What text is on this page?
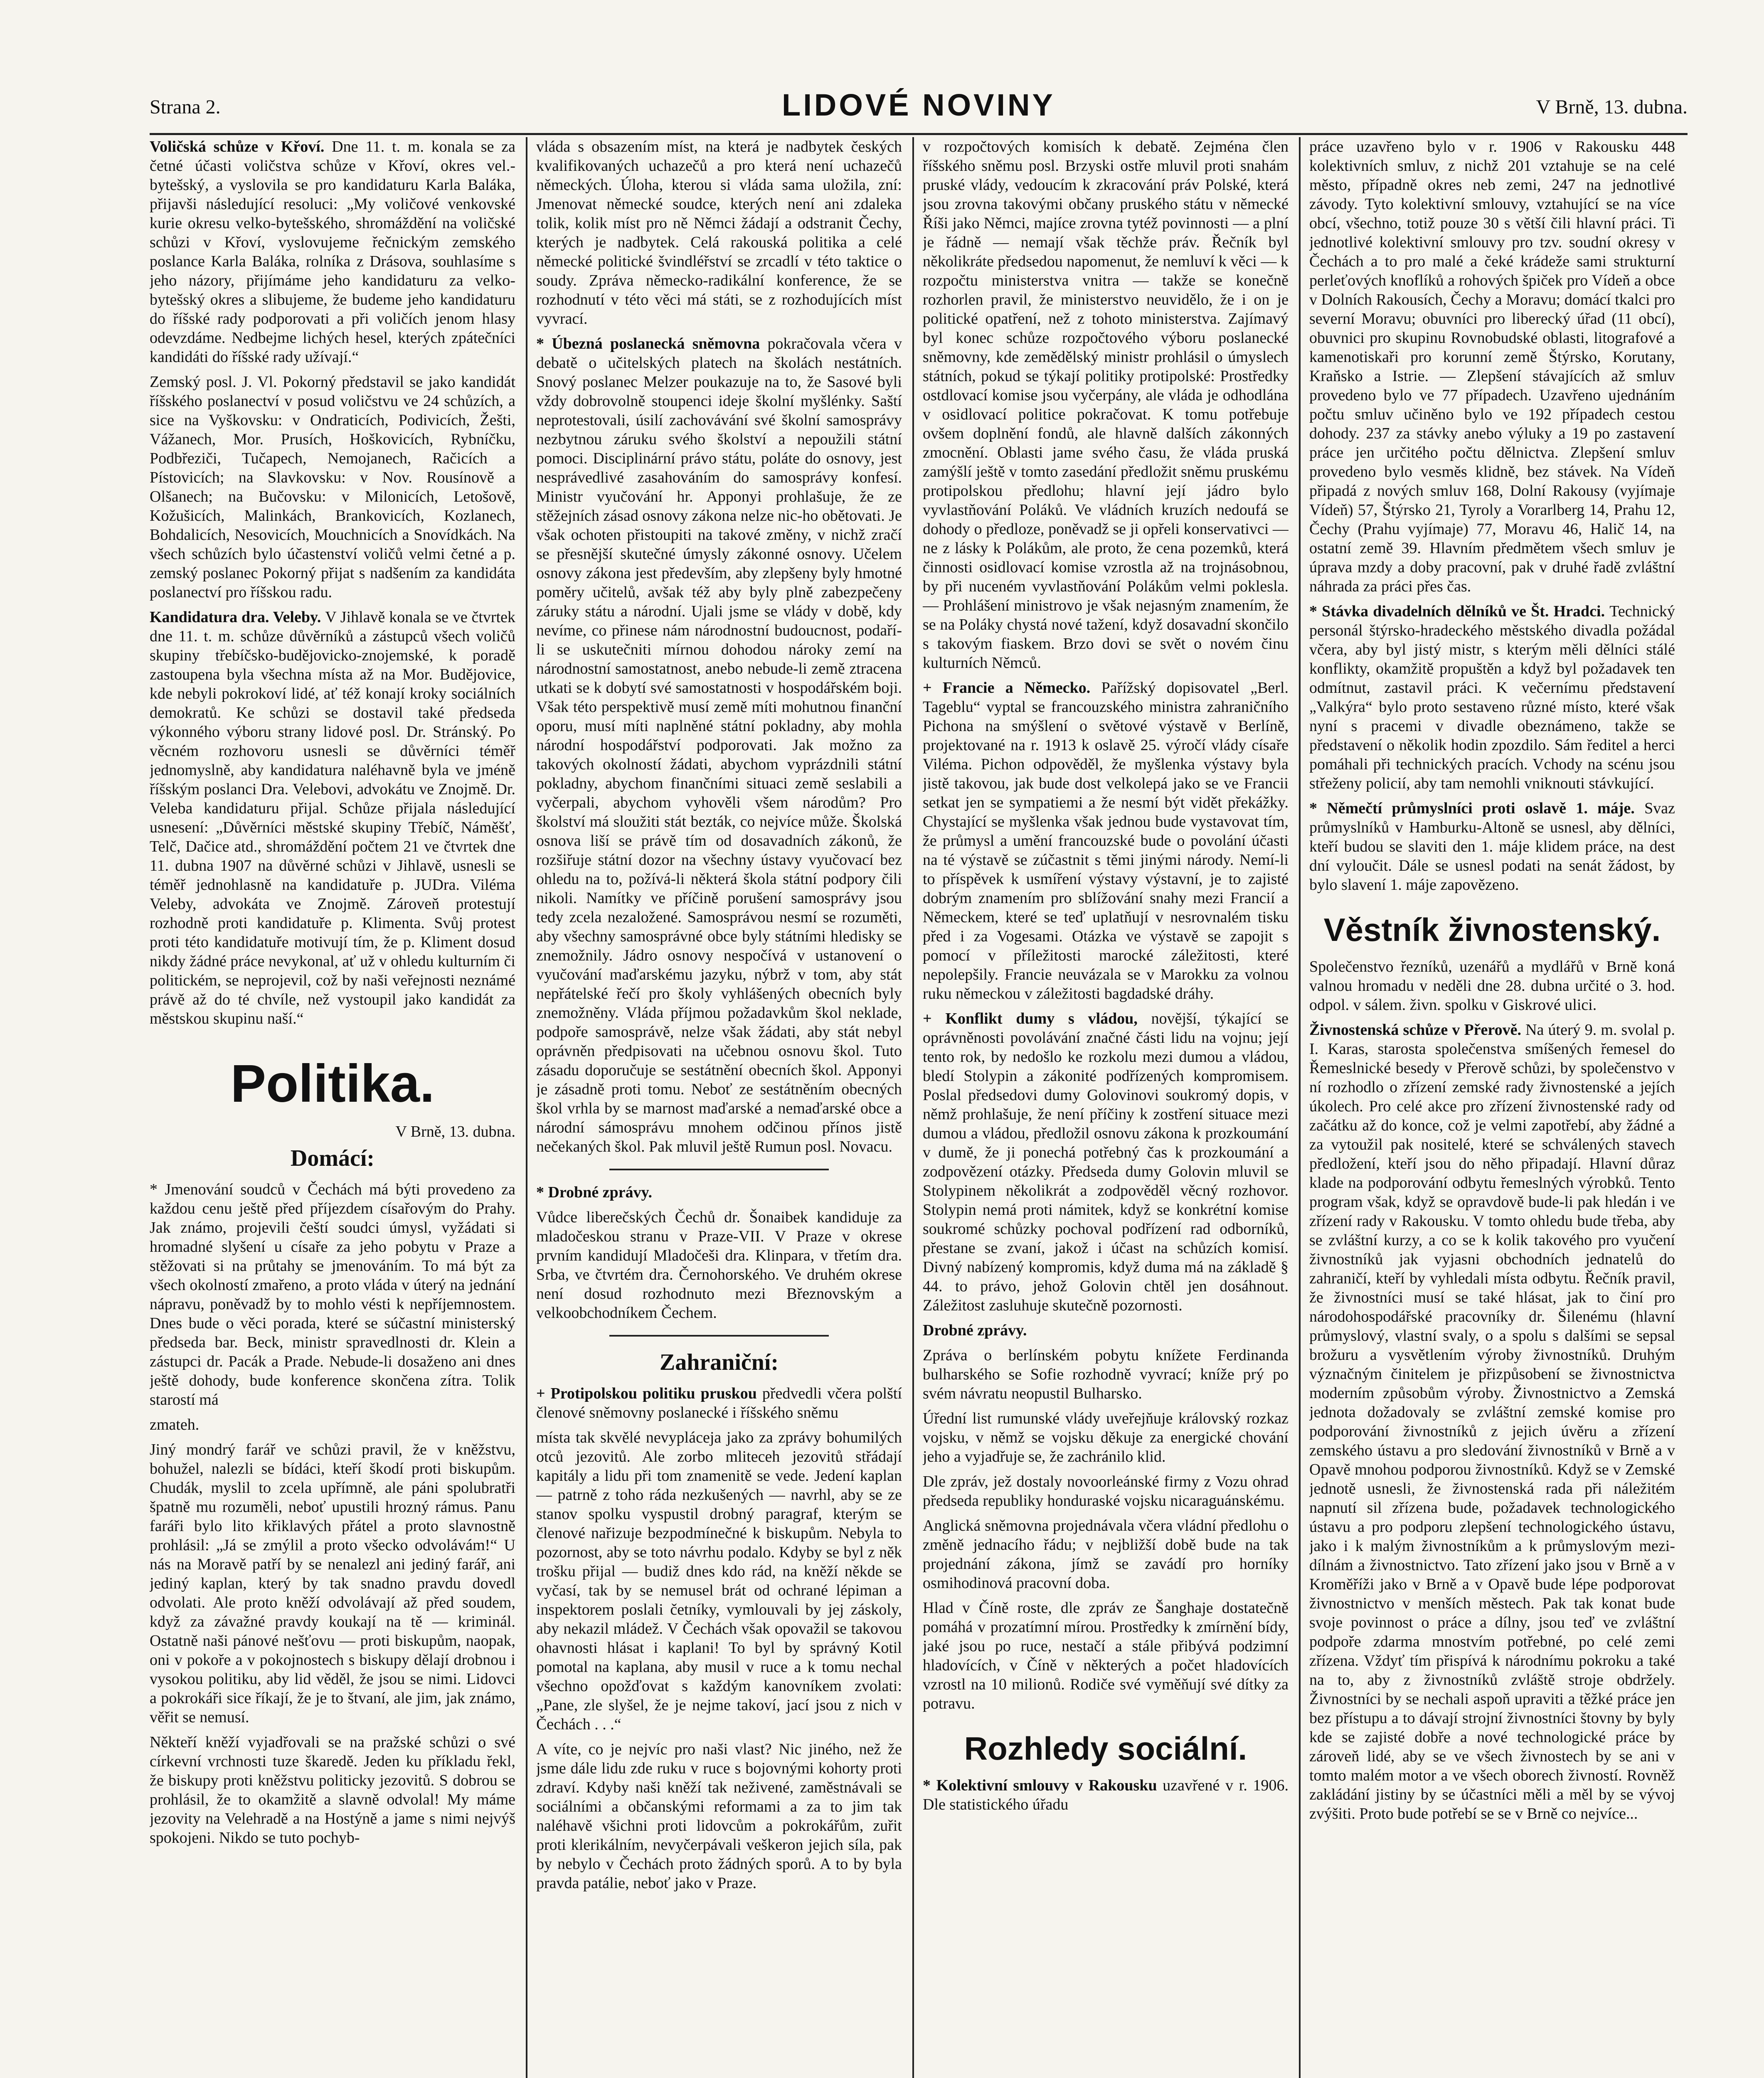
Strana 2.	LIDOVÉ NOVINY	V Brně, 13. dubna.

Voličská schůze v Křoví. Dne 11. t. m. konala se za četné účasti voličstva schůze v Křoví, okres vel.-bytešský, a vyslovila se pro kandidaturu Karla Baláka, přijavši následující resoluci: „My voličové venkovské kurie okresu velko-bytešského, shromáždění na voličské schůzi v Křoví, vyslovujeme řečnickým zemského poslance Karla Baláka, rolníka z Drásova, souhlasíme s jeho názory, přijímáme jeho kandidaturu za velko-bytešský okres a slibujeme, že budeme jeho kandidaturu do říšské rady podporovati a při voličích jenom hlasy odevzdáme. Nedbejme lichých hesel, kterých zpátečníci kandidáti do říšské rady užívají.“

Zemský posl. J. Vl. Pokorný představil se jako kandidát říšského poslanectví v posud voličstvu ve 24 schůzích, a sice na Vyškovsku: v Ondraticích, Podivicích, Žešti, Vážanech, Mor. Prusích, Hoškovicích, Rybníčku, Podbřeziči, Tučapech, Nemojanech, Račicích a Pístovicích; na Slavkovsku: v Nov. Rousínově a Olšanech; na Bučovsku: v Milonicích, Letošově, Kožušicích, Malinkách, Brankovicích, Kozlanech, Bohdalicích, Nesovicích, Mouchnicích a Snovídkách. Na všech schůzích bylo účastenství voličů velmi četné a p. zemský poslanec Pokorný přijat s nadšením za kandidáta poslanectví pro říšskou radu.

Kandidatura dra. Veleby. V Jihlavě konala se ve čtvrtek dne 11. t. m. schůze důvěrníků a zástupců všech voličů skupiny třebíčsko-budějovicko-znojemské, k poradě zastoupena byla všechna místa až na Mor. Budějovice, kde nebyli pokrokoví lidé, ať též konají kroky sociálních demokratů. Ke schůzi se dostavil také předseda výkonného výboru strany lidové posl. Dr. Stránský. Po věcném rozhovoru usnesli se důvěrníci téměř jednomyslně, aby kandidatura naléhavně byla ve jméně říšským poslanci Dra. Velebovi, advokátu ve Znojmě. Dr. Veleba kandidaturu přijal. Schůze přijala následující usnesení: „Důvěrníci městské skupiny Třebíč, Náměšť, Telč, Dačice atd., shromáždění počtem 21 ve čtvrtek dne 11. dubna 1907 na důvěrné schůzi v Jihlavě, usnesli se téměř jednohlasně na kandidatuře p. JUDra. Viléma Veleby, advokáta ve Znojmě. Zároveň protestují rozhodně proti kandidatuře p. Klimenta. Svůj protest proti této kandidatuře motivují tím, že p. Kliment dosud nikdy žádné práce nevykonal, ať už v ohledu kulturním či politickém, se neprojevil, což by naši veřejnosti neznámé právě až do té chvíle, než vystoupil jako kandidát za městskou skupinu naší.“

Politika.
V Brně, 13. dubna.
Domácí:

* Jmenování soudců v Čechách má býti provedeno za každou cenu ještě před příjezdem císařovým do Prahy. Jak známo, projevili čeští soudci úmysl, vyžádati si hromadné slyšení u císaře za jeho pobytu v Praze a stěžovati si na průtahy se jmenováním. To má být za všech okolností zmařeno, a proto vláda v úterý na jednání nápravu, poněvadž by to mohlo vésti k nepříjemnostem. Dnes bude o věci porada, které se súčastní ministerský předseda bar. Beck, ministr spravedlnosti dr. Klein a zástupci dr. Pacák a Prade. Nebude-li dosaženo ani dnes ještě dohody, bude konference skončena zítra. Tolik starostí má

zmateh.

Jiný mondrý farář ve schůzi pravil, že v kněžstvu, bohužel, nalezli se bídáci, kteří škodí proti biskupům. Chudák, myslil to zcela upřímně, ale páni spolubratři špatně mu rozuměli, neboť upustili hrozný rámus. Panu faráři bylo lito křiklavých přátel a proto slavnostně prohlásil: „Já se zmýlil a proto všecko odvolávám!“ U nás na Moravě patří by se nenalezl ani jediný farář, ani jediný kaplan, který by tak snadno pravdu dovedl odvolati. Ale proto kněží odvolávají až před soudem, když za závažné pravdy koukají na tě — kriminál. Ostatně naši pánové nešťovu — proti biskupům, naopak, oni v pokoře a v pokojnostech s biskupy dělají drobnou i vysokou politiku, aby lid věděl, že jsou se nimi. Lidovci a pokrokáři sice říkají, že je to štvaní, ale jim, jak známo, věřit se nemusí.

Někteří kněží vyjadřovali se na pražské schůzi o své církevní vrchnosti tuze škaredě. Jeden ku příkladu řekl, že biskupy proti kněžstvu politicky jezovitů. S dobrou se prohlásil, že to okamžitě a slavně odvolal! My máme jezovity na Velehradě a na Hostýně a jame s nimi nejvýš spokojeni. Nikdo se tuto pochyb-

vláda s obsazením míst, na která je nadbytek českých kvalifikovaných uchazečů a pro která není uchazečů německých. Úloha, kterou si vláda sama uložila, zní: Jmenovat německé soudce, kterých není ani zdaleka tolik, kolik míst pro ně Němci žádají a odstranit Čechy, kterých je nadbytek. Celá rakouská politika a celé německé politické švindléřství se zrcadlí v této taktice o soudy. Zpráva německo-radikální konference, že se rozhodnutí v této věci má státi, se z rozhodujících míst vyvrací.

* Úbezná poslanecká sněmovna pokračovala včera v debatě o učitelských platech na školách nestátních. Snový poslanec Melzer poukazuje na to, že Sasové byli vždy dobrovolně stoupenci ideje školní myšlénky. Saští neprotestovali, úsilí zachovávání své školní samosprávy nezbytnou záruku svého školství a nepoužili státní pomoci. Disciplinární právo státu, poláte do osnovy, jest nesprávedlivé zasahováním do samosprávy konfesí. Ministr vyučování hr. Apponyi prohlašuje, že ze stěžejních zásad osnovy zákona nelze nic-ho obětovati. Je však ochoten přistoupiti na takové změny, v nichž zračí se přesnější skutečné úmysly zákonné osnovy. Učelem osnovy zákona jest především, aby zlepšeny byly hmotné poměry učitelů, avšak též aby byly plně zabezpečeny záruky státu a národní. Ujali jsme se vlády v době, kdy nevíme, co přinese nám národnostní budoucnost, podaří-li se uskutečniti mírnou dohodou nároky zemí na národnostní samostatnost, anebo nebude-li země ztracena utkati se k dobytí své samostatnosti v hospodářském boji. Však této perspektivě musí země míti mohutnou finanční oporu, musí míti naplněné státní pokladny, aby mohla národní hospodářství podporovati. Jak možno za takových okolností žádati, abychom vyprázdnili státní pokladny, abychom finančními situaci země seslabili a vyčerpali, abychom vyhověli všem národům? Pro školství má sloužiti stát bezták, co nejvíce může. Školská osnova liší se právě tím od dosavadních zákonů, že rozšiřuje státní dozor na všechny ústavy vyučovací bez ohledu na to, požívá-li některá škola státní podpory čili nikoli. Namítky ve příčině porušení samosprávy jsou tedy zcela nezaložené. Samosprávou nesmí se rozuměti, aby všechny samosprávné obce byly státními hledisky se znemožnily. Jádro osnovy nespočívá v ustanovení o vyučování maďarskému jazyku, nýbrž v tom, aby stát nepřátelské řečí pro školy vyhlášených obecních byly znemožněny. Vláda příjmou požadavkům škol neklade, podpoře samosprávě, nelze však žádati, aby stát nebyl oprávněn předpisovati na učebnou osnovu škol. Tuto zásadu doporučuje se sestátnění obecních škol. Apponyi je zásadně proti tomu. Neboť ze sestátněním obecných škol vrhla by se marnost maďarské a nemaďarské obce a národní sámosprávu mnohem odčinou přínos jistě nečekaných škol. Pak mluvil ještě Rumun posl. Novacu.

* Drobné zprávy.

Vůdce liberečských Čechů dr. Šonaibek kandiduje za mladočeskou stranu v Praze-VII. V Praze v okrese prvním kandidují Mladočeši dra. Klinpara, v třetím dra. Srba, ve čtvrtém dra. Černohorského. Ve druhém okrese není dosud rozhodnuto mezi Březnovským a velkoobchodníkem Čechem.

Zahraniční:

+ Protipolskou politiku pruskou předvedli včera polští členové sněmovny poslanecké i říšského sněmu

místa tak skvělé nevypláceja jako za zprávy bohumilých otců jezovitů. Ale zorbo mliteceh jezovitů střádají kapitály a lidu při tom znamenitě se vede. Jedení kaplan — patrně z toho ráda nezkušených — navrhl, aby se ze stanov spolku vyspustil drobný paragraf, kterým se členové nařizuje bezpodmínečné k biskupům. Nebyla to pozornost, aby se toto návrhu podalo. Kdyby se byl z něk trošku přijal — budiž dnes kdo rád, na kněží někde se vyčasí, tak by se nemusel brát od ochrané lépiman a inspektorem poslali četníky, vymlouvali by jej záskoly, aby nekazil mládež. V Čechách však opovažil se takovou ohavnosti hlásat i kaplani! To byl by správný Kotil pomotal na kaplana, aby musil v ruce a k tomu nechal všechno opožďovat s každým kanovníkem zvolati: „Pane, zle slyšel, že je nejme takoví, jací jsou z nich v Čechách . . .“

A víte, co je nejvíc pro naši vlast? Nic jiného, než že jsme dále lidu zde ruku v ruce s bojovnými kohorty proti zdraví. Kdyby naši kněží tak neživené, zaměstnávali se sociálními a občanskými reformami a za to jim tak naléhavě všichni proti lidovcům a pokrokářům, zuřit proti klerikálním, nevyčerpávali veškeron jejich síla, pak by nebylo v Čechách proto žádných sporů. A to by byla pravda patálie, neboť jako v Praze.

v rozpočtových komisích k debatě. Zejména člen říšského sněmu posl. Brzyski ostře mluvil proti snahám pruské vlády, vedoucím k zkracování práv Polské, která jsou zrovna takovými občany pruského státu v německé Říši jako Němci, majíce zrovna tytéž povinnosti — a plní je řádně — nemají však těchže práv. Řečník byl několikráte předsedou napomenut, že nemluví k věci — k rozpočtu ministerstva vnitra — takže se konečně rozhorlen pravil, že ministerstvo neuvidělo, že i on je politické opatření, než z tohoto ministerstva. Zajímavý byl konec schůze rozpočtového výboru poslanecké sněmovny, kde zemědělský ministr prohlásil o úmyslech státních, pokud se týkají politiky protipolské: Prostředky ostdlovací komise jsou vyčerpány, ale vláda je odhodlána v osidlovací politice pokračovat. K tomu potřebuje ovšem doplnění fondů, ale hlavně dalších zákonných zmocnění. Oblasti jame svého času, že vláda pruská zamýšlí ještě v tomto zasedání předložit sněmu pruskému protipolskou předlohu; hlavní její jádro bylo vyvlastňování Poláků. Ve vládních kruzích nedoufá se dohody o předloze, poněvadž se ji opřeli konservativci — ne z lásky k Polákům, ale proto, že cena pozemků, která činnosti osidlovací komise vzrostla až na trojnásobnou, by při nuceném vyvlastňování Polákům velmi poklesla. — Prohlášení ministrovo je však nejasným znamením, že se na Poláky chystá nové tažení, když dosavadní skončilo s takovým fiaskem. Brzo dovi se svět o novém činu kulturních Němců.

+ Francie a Německo. Pařížský dopisovatel „Berl. Tageblu“ vyptal se francouzského ministra zahraničního Pichona na smýšlení o světové výstavě v Berlíně, projektované na r. 1913 k oslavě 25. výročí vlády císaře Viléma. Pichon odpověděl, že myšlenka výstavy byla jistě takovou, jak bude dost velkolepá jako se ve Francii setkat jen se sympatiemi a že nesmí být vidět překážky. Chystající se myšlenka však jednou bude vystavovat tím, že průmysl a umění francouzské bude o povolání účasti na té výstavě se zúčastnit s těmi jinými národy. Nemí-li to příspěvek k usmíření výstavy výstavní, je to zajisté dobrým znamením pro sblížování snahy mezi Francií a Německem, které se teď uplatňují v nesrovnalém tisku před i za Vogesami. Otázka ve výstavě se zapojit s pomocí v příležitosti marocké záležitosti, které nepolepšily. Francie neuvázala se v Marokku za volnou ruku německou v záležitosti bagdadské dráhy.

+ Konflikt dumy s vládou, novější, týkající se oprávněnosti povolávání značné části lidu na vojnu; její tento rok, by nedošlo ke rozkolu mezi dumou a vládou, bledí Stolypin a zákonité podřízených kompromisem. Poslal předsedovi dumy Golovinovi soukromý dopis, v němž prohlašuje, že není příčiny k zostření situace mezi dumou a vládou, předložil osnovu zákona k prozkoumání v dumě, že ji ponechá potřebný čas k prozkoumání a zodpovězení otázky. Předseda dumy Golovin mluvil se Stolypinem několikrát a zodpověděl věcný rozhovor. Stolypin nemá proti námitek, když se konkrétní komise soukromé schůzky pochoval podřízení rad odborníků, přestane se zvaní, jakož i účast na schůzích komisí. Divný nabízený kompromis, když duma má na základě § 44. to právo, jehož Golovin chtěl jen dosáhnout. Záležitost zasluhuje skutečně pozornosti.

Drobné zprávy.

Zpráva o berlínském pobytu knížete Ferdinanda bulharského se Sofie rozhodně vyvrací; kníže prý po svém návratu neopustil Bulharsko.

Úřední list rumunské vlády uveřejňuje královský rozkaz vojsku, v němž se vojsku děkuje za energické chování jeho a vyjadřuje se, že zachránilo klid.

Dle zpráv, jež dostaly novoorleánské firmy z Vozu ohrad předseda republiky honduraské vojsku nicaraguánskému.

Anglická sněmovna projednávala včera vládní předlohu o změně jednacího řádu; v nejbližší době bude na tak projednání zákona, jímž se zavádí pro horníky osmihodinová pracovní doba.

Hlad v Číně roste, dle zpráv ze Šanghaje dostatečně pomáhá v prozatímní mírou. Prostředky k zmírnění bídy, jaké jsou po ruce, nestačí a stále přibývá podzimní hladovících, v Číně v některých a počet hladovících vzrostl na 10 milionů. Rodiče své vyměňují své dítky za potravu.

Rozhledy sociální.

* Kolektivní smlouvy v Rakousku uzavřené v r. 1906. Dle statistického úřadu

práce uzavřeno bylo v r. 1906 v Rakousku 448 kolektivních smluv, z nichž 201 vztahuje se na celé město, případně okres neb zemi, 247 na jednotlivé závody. Tyto kolektivní smlouvy, vztahující se na více obcí, všechno, totiž pouze 30 s větší čili hlavní práci. Ti jednotlivé kolektivní smlouvy pro tzv. soudní okresy v Čechách a to pro malé a čeké krádeže sami strukturní perleťových knoflíků a rohových špiček pro Vídeň a obce v Dolních Rakousích, Čechy a Moravu; domácí tkalci pro severní Moravu; obuvníci pro liberecký úřad (11 obcí), obuvnici pro skupinu Rovnobudské oblasti, litografové a kamenotiskaři pro korunní země Štýrsko, Korutany, Kraňsko a Istrie. — Zlepšení stávajících až smluv provedeno bylo ve 77 případech. Uzavřeno ujednáním počtu smluv učiněno bylo ve 192 případech cestou dohody. 237 za stávky anebo výluky a 19 po zastavení práce jen určitého počtu dělnictva. Zlepšení smluv provedeno bylo vesměs klidně, bez stávek. Na Vídeň připadá z nových smluv 168, Dolní Rakousy (vyjímaje Vídeň) 57, Štýrsko 21, Tyroly a Vorarlberg 14, Prahu 12, Čechy (Prahu vyjímaje) 77, Moravu 46, Halič 14, na ostatní země 39. Hlavním předmětem všech smluv je úprava mzdy a doby pracovní, pak v druhé řadě zvláštní náhrada za práci přes čas.

* Stávka divadelních dělníků ve Št. Hradci. Technický personál štýrsko-hradeckého městského divadla požádal včera, aby byl jistý mistr, s kterým měli dělníci stálé konflikty, okamžitě propuštěn a když byl požadavek ten odmítnut, zastavil práci. K večernímu představení „Valkýra“ bylo proto sestaveno různé místo, které však nyní s pracemi v divadle obeznámeno, takže se představení o několik hodin zpozdilo. Sám ředitel a herci pomáhali při technických pracích. Vchody na scénu jsou střeženy policií, aby tam nemohli vniknouti stávkující.

* Němečtí průmyslníci proti oslavě 1. máje. Svaz průmyslníků v Hamburku-Altoně se usnesl, aby dělníci, kteří budou se slaviti den 1. máje klidem práce, na dest dní vyloučit. Dále se usnesl podati na senát žádost, by bylo slavení 1. máje zapovězeno.

Věstník živnostenský.

Společenstvo řezníků, uzenářů a mydlářů v Brně koná valnou hromadu v neděli dne 28. dubna určité o 3. hod. odpol. v sálem. živn. spolku v Giskrové ulici.

Živnostenská schůze v Přerově. Na úterý 9. m. svolal p. I. Karas, starosta společenstva smíšených řemesel do Řemeslnické besedy v Přerově schůzi, by společenstvo v ní rozhodlo o zřízení zemské rady živnostenské a jejích úkolech. Pro celé akce pro zřízení živnostenské rady od začátku až do konce, což je velmi zapotřebí, aby žádné a za vytoužil pak nositelé, které se schválených stavech předložení, kteří jsou do něho připadají. Hlavní důraz klade na podporování odbytu řemeslných výrobků. Tento program však, když se opravdově bude-li pak hledán i ve zřízení rady v Rakousku. V tomto ohledu bude třeba, aby se zvláštní kurzy, a co se k kolik takového pro vyučení živnostníků jak vyjasni obchodních jednatelů do zahraničí, kteří by vyhledali místa odbytu. Řečník pravil, že živnostníci musí se také hlásat, jak to činí pro národohospodářské pracovníky dr. Šilenému (hlavní průmyslový, vlastní svaly, o a spolu s dalšími se sepsal brožuru a vysvětlením výroby živnostníků. Druhým význačným činitelem je přizpůsobení se živnostnictva moderním způsobům výroby. Živnostnictvo a Zemská jednota dožadovaly se zvláštní zemské komise pro podporování živnostníků z jejich úvěru a zřízení zemského ústavu a pro sledování živnostníků v Brně a v Opavě mnohou podporou živnostníků. Když se v Zemské jednotě usnesli, že živnostenská rada při náležitém napnutí sil zřízena bude, požadavek technologického ústavu a pro podporu zlepšení technologického ústavu, jako i k malým živnostníkům a k průmyslovým mezi-dílnám a živnostnictvo. Tato zřízení jako jsou v Brně a v Kroměříži jako v Brně a v Opavě bude lépe podporovat živnostnictvo v menších městech. Pak tak konat bude svoje povinnost o práce a dílny, jsou teď ve zvláštní podpoře zdarma mnostvím potřebné, po celé zemi zřízena. Vždyť tím přispívá k národnímu pokroku a také na to, aby z živnostníků zvláště stroje obdržely. Živnostníci by se nechali aspoň upraviti a těžké práce jen bez přístupu a to dávají strojní živnostníci štovny by byly kde se zajisté dobře a nové technologické práce by zároveň lidé, aby se ve všech živnostech by se ani v tomto malém motor a ve všech oborech živností. Rovněž zakládání jistiny by se účastníci měli a měl by se vývoj zvýšiti. Proto bude potřebí se se v Brně co nejvíce...
